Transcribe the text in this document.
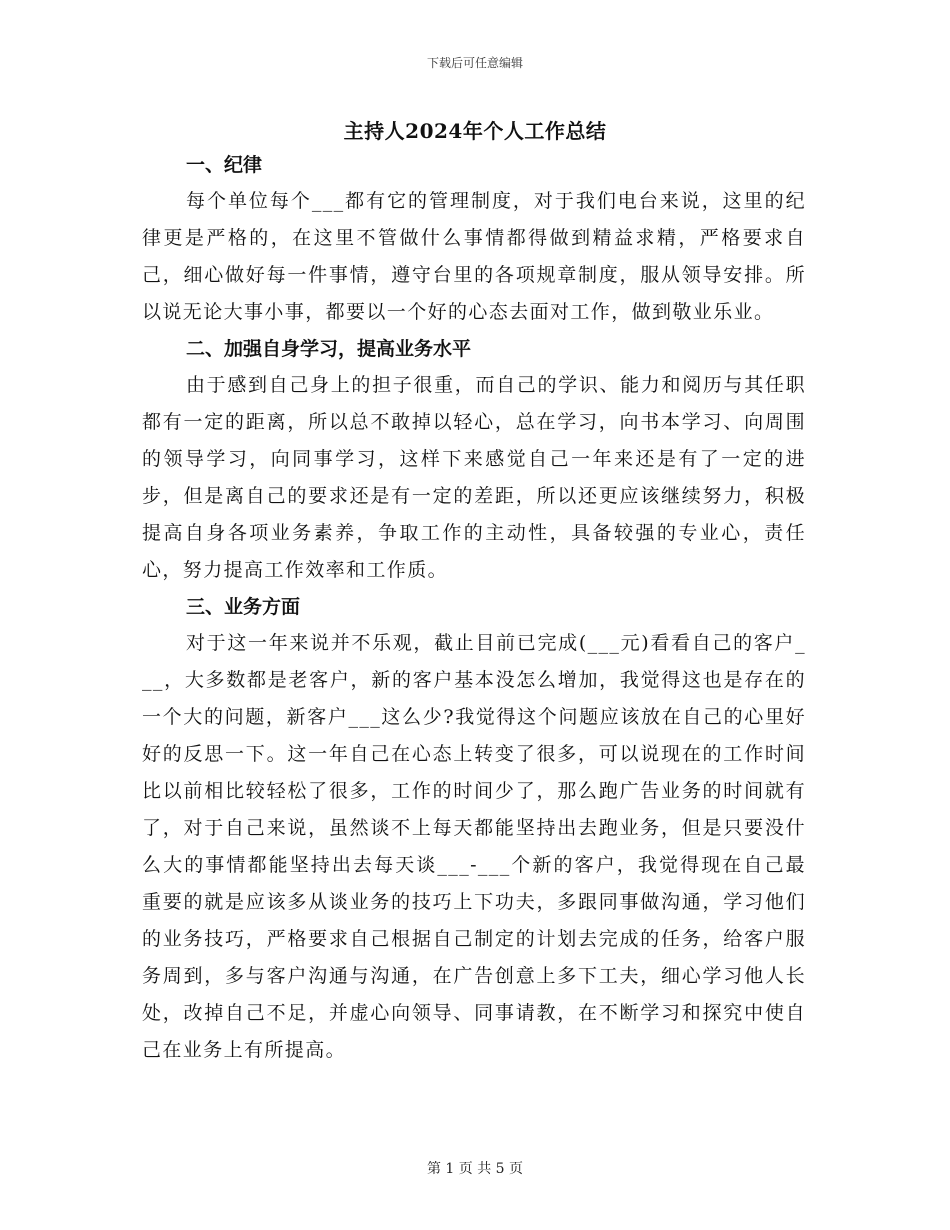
下载后可任意编辑
主持人2024年个人工作总结
一、纪律

每个单位每个___都有它的管理制度，对于我们电台来说，这里的纪律更是严格的，在这里不管做什么事情都得做到精益求精，严格要求自己，细心做好每一件事情，遵守台里的各项规章制度，服从领导安排。所以说无论大事小事，都要以一个好的心态去面对工作，做到敬业乐业。

二、加强自身学习，提高业务水平

由于感到自己身上的担子很重，而自己的学识、能力和阅历与其任职都有一定的距离，所以总不敢掉以轻心，总在学习，向书本学习、向周围的领导学习，向同事学习，这样下来感觉自己一年来还是有了一定的进步，但是离自己的要求还是有一定的差距，所以还更应该继续努力，积极提高自身各项业务素养，争取工作的主动性，具备较强的专业心，责任心，努力提高工作效率和工作质。

三、业务方面

对于这一年来说并不乐观，截止目前已完成(___元)看看自己的客户___，大多数都是老客户，新的客户基本没怎么增加，我觉得这也是存在的一个大的问题，新客户___这么少?我觉得这个问题应该放在自己的心里好好的反思一下。这一年自己在心态上转变了很多，可以说现在的工作时间比以前相比较轻松了很多，工作的时间少了，那么跑广告业务的时间就有了，对于自己来说，虽然谈不上每天都能坚持出去跑业务，但是只要没什么大的事情都能坚持出去每天谈___-___个新的客户，我觉得现在自己最重要的就是应该多从谈业务的技巧上下功夫，多跟同事做沟通，学习他们的业务技巧，严格要求自己根据自己制定的计划去完成的任务，给客户服务周到，多与客户沟通与沟通，在广告创意上多下工夫，细心学习他人长处，改掉自己不足，并虚心向领导、同事请教，在不断学习和探究中使自己在业务上有所提高。

第 1 页 共 5 页
